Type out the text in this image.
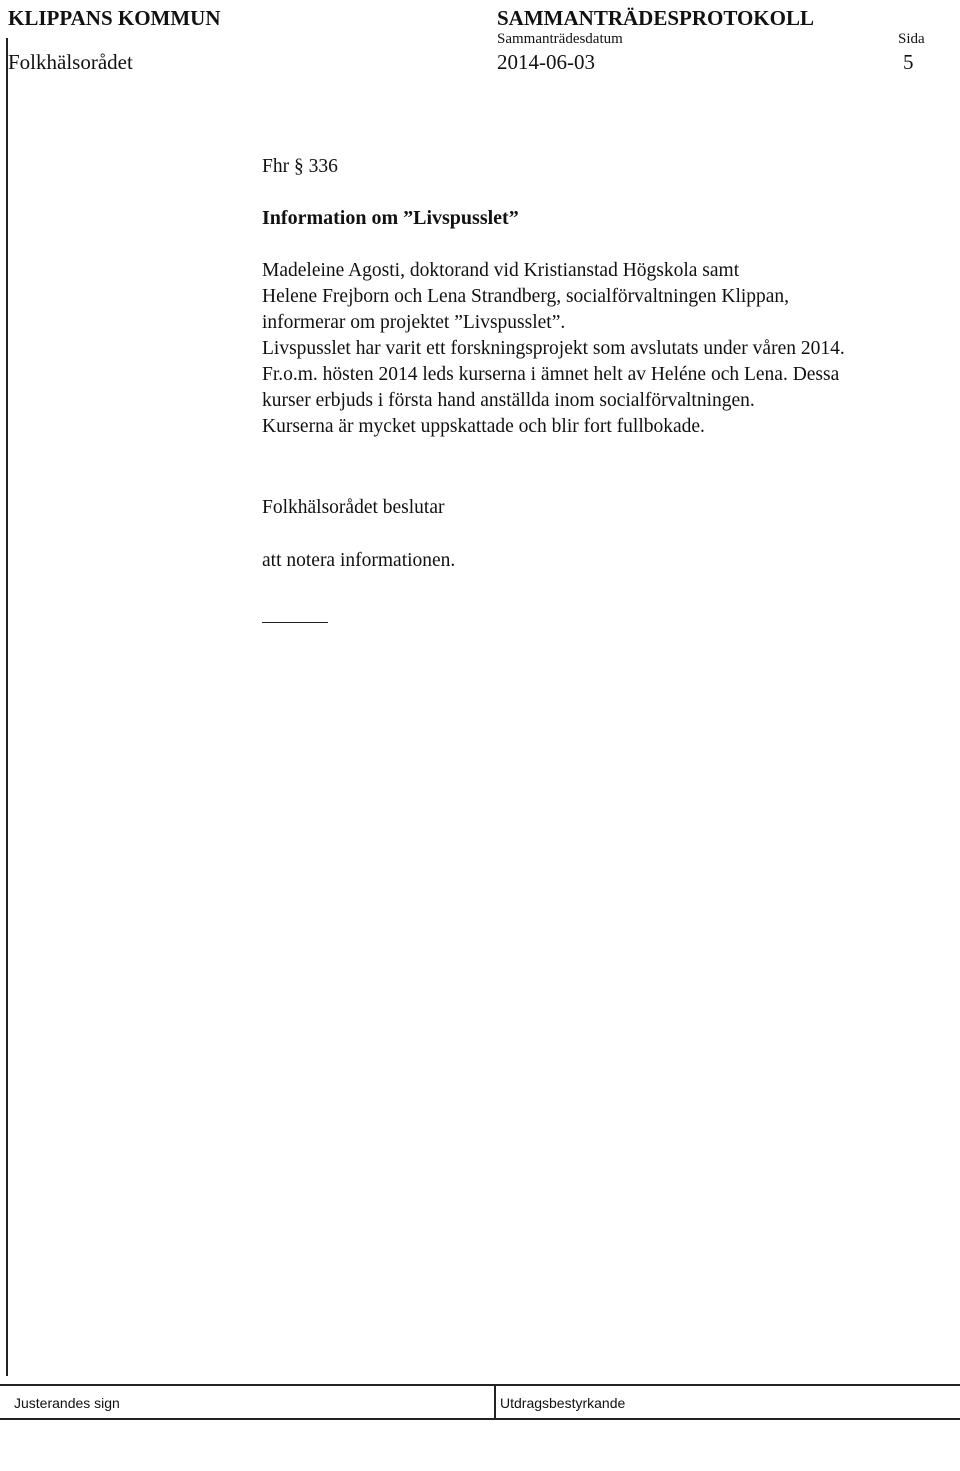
KLIPPANS KOMMUN	SAMMANTRÄDESPROTOKOLL
Sammanträdesdatum	Sida
Folkhälsorådet	2014-06-03	5
Fhr § 336
Information om ”Livspusslet”
Madeleine Agosti, doktorand vid Kristianstad Högskola samt
Helene Frejborn och Lena Strandberg, socialförvaltningen Klippan,
informerar om projektet ”Livspusslet”.
Livspusslet har varit ett forskningsprojekt som avslutats under våren 2014.
Fr.o.m. hösten 2014 leds kurserna i ämnet helt av Heléne och Lena. Dessa
kurser erbjuds i första hand anställda inom socialförvaltningen.
Kurserna är mycket uppskattade och blir fort fullbokade.
Folkhälsorådet beslutar
att notera informationen.
Justerandes sign	Utdragsbestyrkande
